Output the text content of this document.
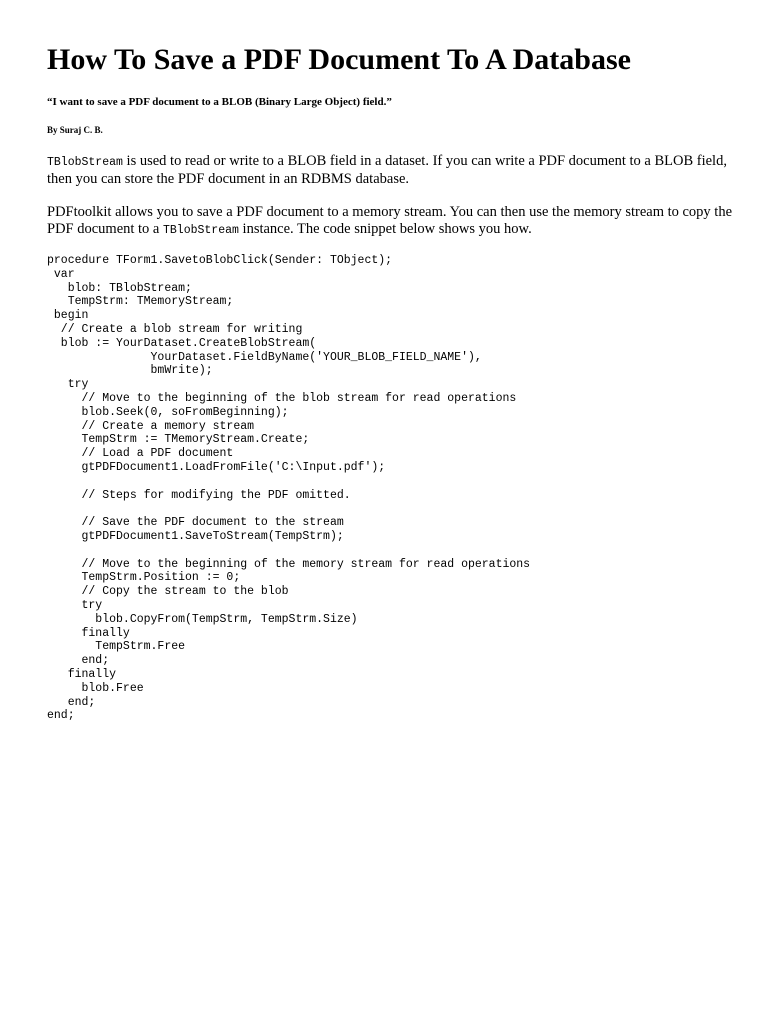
How To Save a PDF Document To A Database

“I want to save a PDF document to a BLOB (Binary Large Object) field.”

By Suraj C. B.

TBlobStream is used to read or write to a BLOB field in a dataset. If you can write a PDF document to a BLOB field, then you can store the PDF document in an RDBMS database.

PDFtoolkit allows you to save a PDF document to a memory stream. You can then use the memory stream to copy the PDF document to a TBlobStream instance. The code snippet below shows you how.

procedure TForm1.SavetoBlobClick(Sender: TObject);
var
blob: TBlobStream;
TempStrm: TMemoryStream;
begin
// Create a blob stream for writing
blob := YourDataset.CreateBlobStream(
YourDataset.FieldByName('YOUR_BLOB_FIELD_NAME'),
bmWrite);
try
// Move to the beginning of the blob stream for read operations
blob.Seek(0, soFromBeginning);
// Create a memory stream
TempStrm := TMemoryStream.Create;
// Load a PDF document
gtPDFDocument1.LoadFromFile('C:\Input.pdf');
// Steps for modifying the PDF omitted.
// Save the PDF document to the stream
gtPDFDocument1.SaveToStream(TempStrm);
// Move to the beginning of the memory stream for read operations
TempStrm.Position := 0;
// Copy the stream to the blob
try
blob.CopyFrom(TempStrm, TempStrm.Size)
finally
TempStrm.Free
end;
finally
blob.Free
end;
end;
